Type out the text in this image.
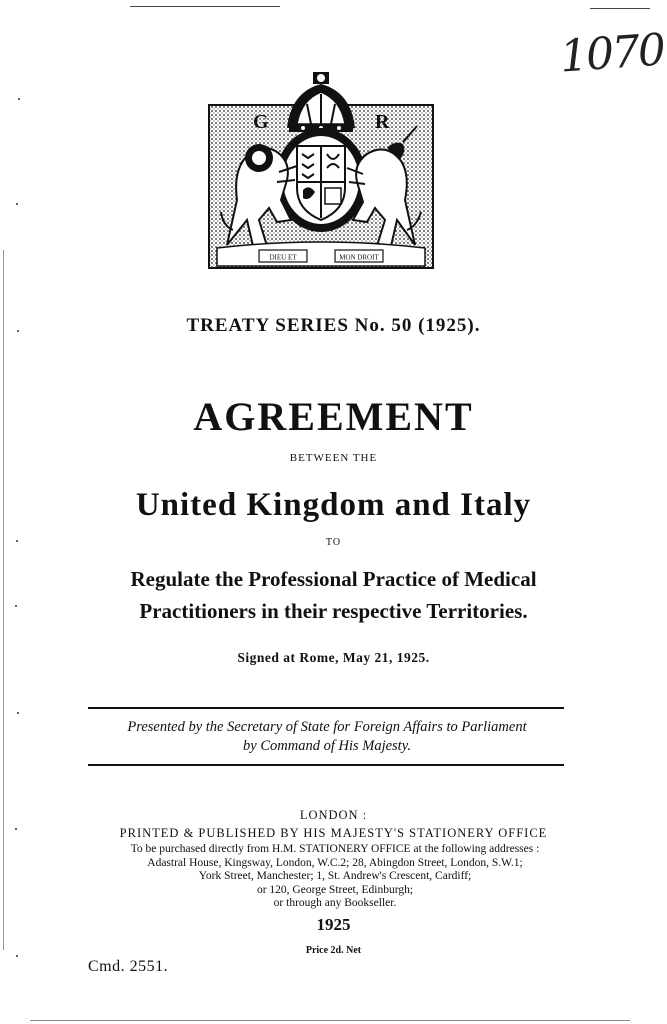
1070
G	R
DIEU ET	MON DROIT
TREATY SERIES No. 50 (1925).
AGREEMENT
BETWEEN THE
United Kingdom and Italy
TO
Regulate the Professional Practice of Medical
Practitioners in their respective Territories.
Signed at Rome, May 21, 1925.
Presented by the Secretary of State for Foreign Affairs to Parliament
by Command of His Majesty.
LONDON :
PRINTED & PUBLISHED BY HIS MAJESTY'S STATIONERY OFFICE
To be purchased directly from H.M. STATIONERY OFFICE at the following addresses :
Adastral House, Kingsway, London, W.C.2; 28, Abingdon Street, London, S.W.1;
York Street, Manchester; 1, St. Andrew's Crescent, Cardiff;
or 120, George Street, Edinburgh;
or through any Bookseller.
1925
Price 2d. Net
Cmd. 2551.
